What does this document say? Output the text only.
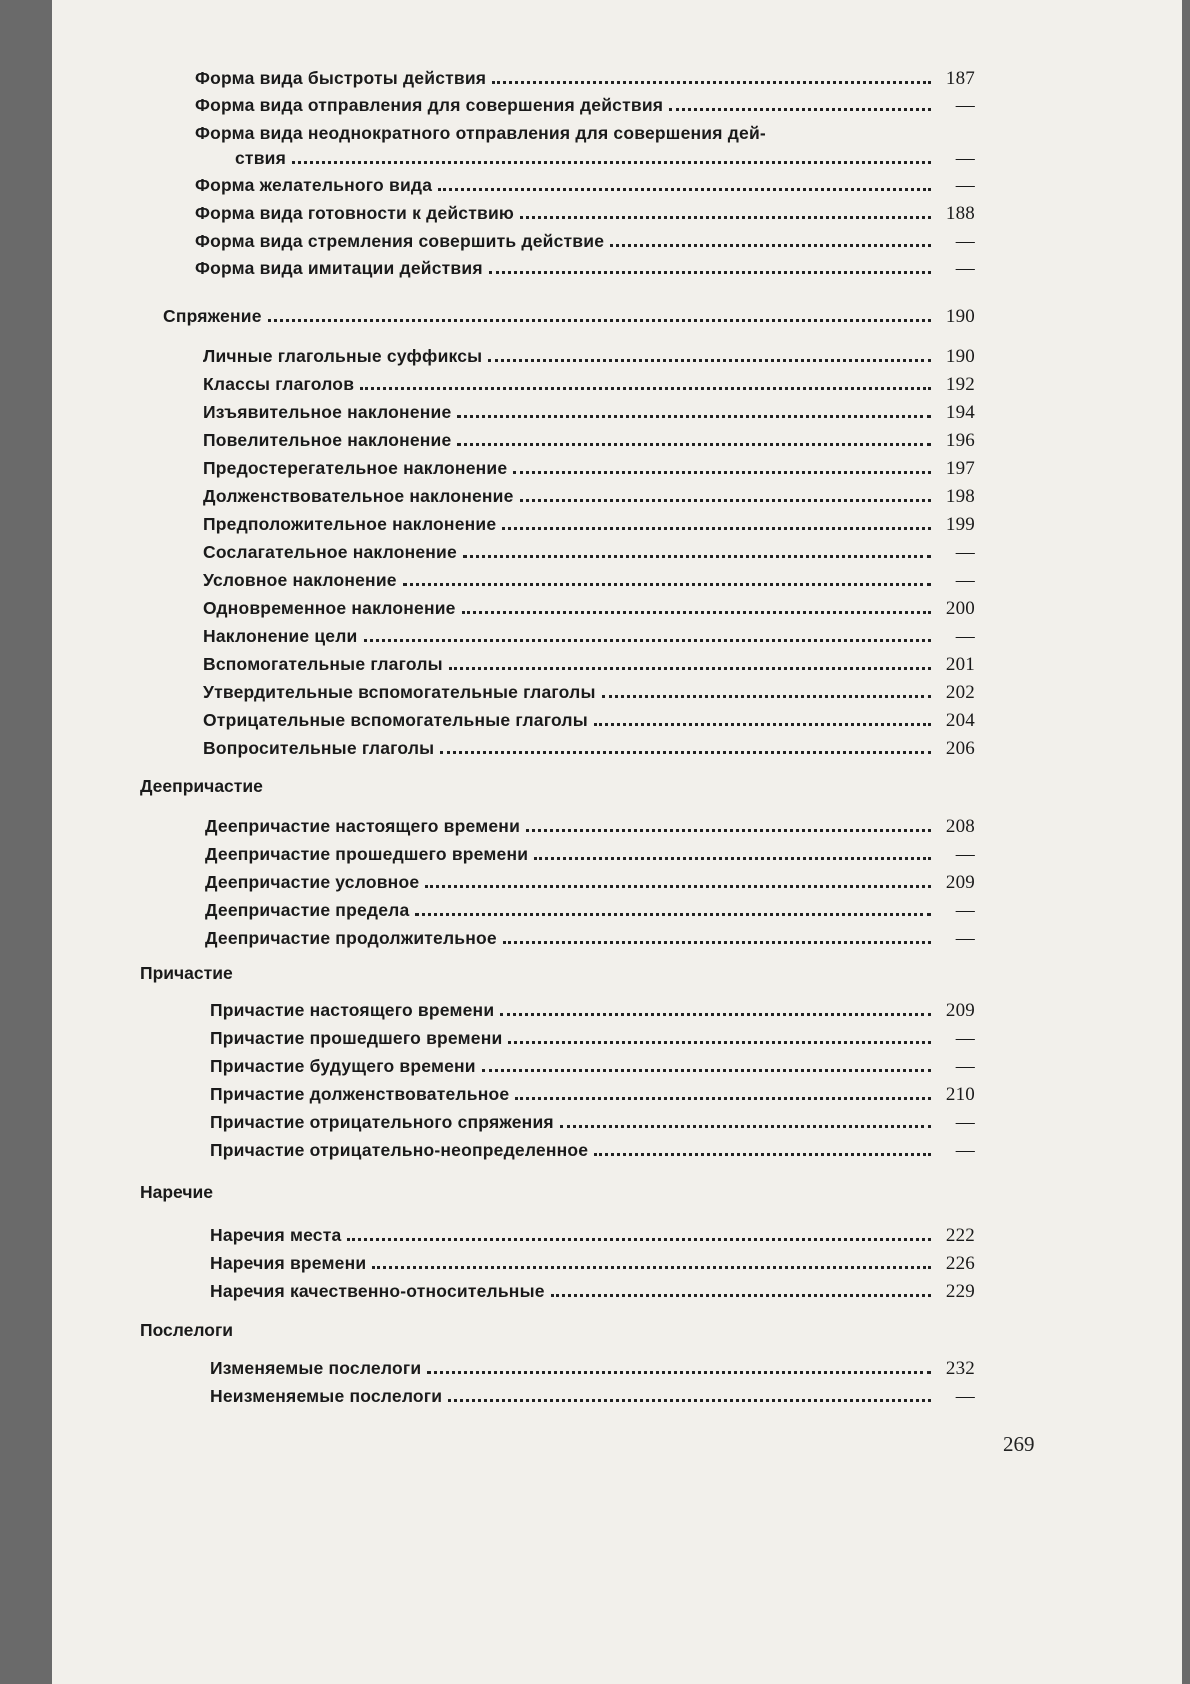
Форма вида быстроты действия	187
Форма вида отправления для совершения действия	—
Форма вида неоднократного отправления для совершения дей-
ствия	—
Форма желательного вида	—
Форма вида готовности к действию	188
Форма вида стремления совершить действие	—
Форма вида имитации действия	—
Спряжение	190
Личные глагольные суффиксы	190
Классы глаголов	192
Изъявительное наклонение	194
Повелительное наклонение	196
Предостерегательное наклонение	197
Долженствовательное наклонение	198
Предположительное наклонение	199
Сослагательное наклонение	—
Условное наклонение	—
Одновременное наклонение	200
Наклонение цели	—
Вспомогательные глаголы	201
Утвердительные вспомогательные глаголы	202
Отрицательные вспомогательные глаголы	204
Вопросительные глаголы	206
Деепричастие
Деепричастие настоящего времени	208
Деепричастие прошедшего времени	—
Деепричастие условное	209
Деепричастие предела	—
Деепричастие продолжительное	—
Причастие
Причастие настоящего времени	209
Причастие прошедшего времени	—
Причастие будущего времени	—
Причастие долженствовательное	210
Причастие отрицательного спряжения	—
Причастие отрицательно-неопределенное	—
Наречие
Наречия места	222
Наречия времени	226
Наречия качественно-относительные	229
Послелоги
Изменяемые послелоги	232
Неизменяемые послелоги	—
269
